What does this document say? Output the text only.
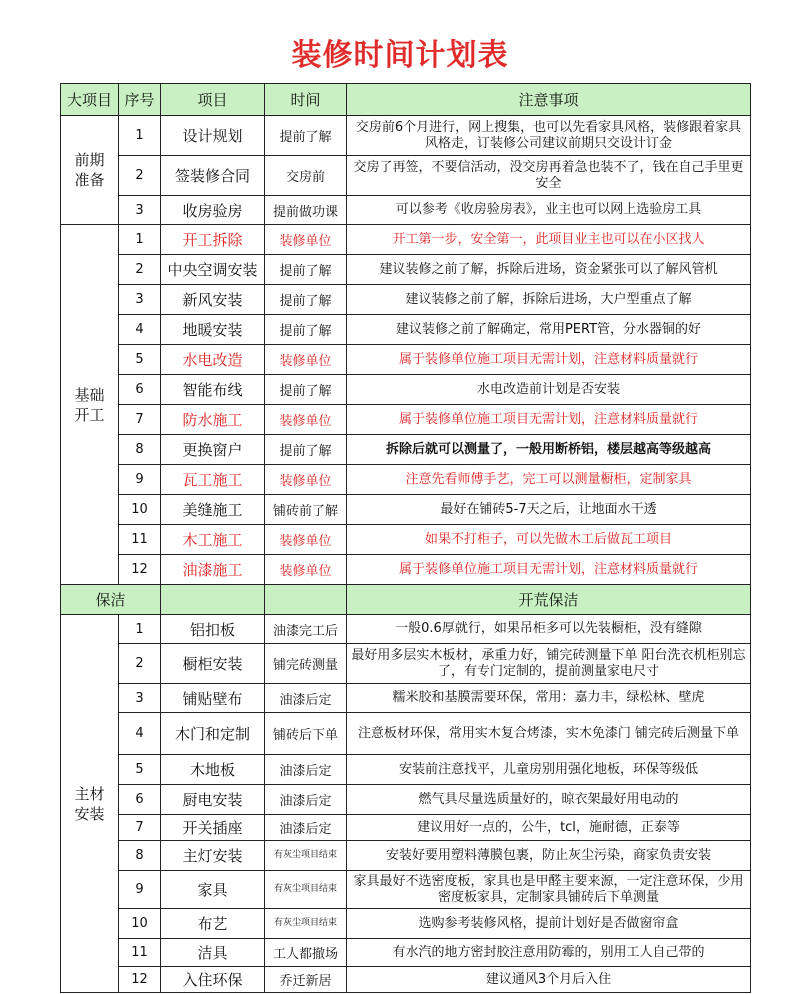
装修时间计划表
大项目	序号	项目	时间	注意事项
前期准备	1	设计规划	提前了解	交房前6个月进行，网上搜集，也可以先看家具风格，装修跟着家具风格走，订装修公司建议前期只交设计订金
	2	签装修合同	交房前	交房了再签，不要信活动，没交房再着急也装不了，钱在自己手里更安全
	3	收房验房	提前做功课	可以参考《收房验房表》，业主也可以网上选验房工具
基础开工	1	开工拆除	装修单位	开工第一步，安全第一，此项目业主也可以在小区找人
	2	中央空调安装	提前了解	建议装修之前了解，拆除后进场，资金紧张可以了解风管机
	3	新风安装	提前了解	建议装修之前了解，拆除后进场，大户型重点了解
	4	地暖安装	提前了解	建议装修之前了解确定，常用PERT管，分水器铜的好
	5	水电改造	装修单位	属于装修单位施工项目无需计划，注意材料质量就行
	6	智能布线	提前了解	水电改造前计划是否安装
	7	防水施工	装修单位	属于装修单位施工项目无需计划，注意材料质量就行
	8	更换窗户	提前了解	拆除后就可以测量了，一般用断桥铝，楼层越高等级越高
	9	瓦工施工	装修单位	注意先看师傅手艺，完工可以测量橱柜，定制家具
	10	美缝施工	铺砖前了解	最好在铺砖5-7天之后，让地面水干透
	11	木工施工	装修单位	如果不打柜子，可以先做木工后做瓦工项目
	12	油漆施工	装修单位	属于装修单位施工项目无需计划，注意材料质量就行
保洁				开荒保洁
主材安装	1	铝扣板	油漆完工后	一般0.6厚就行，如果吊柜多可以先装橱柜，没有缝隙
	2	橱柜安装	铺完砖测量	最好用多层实木板材，承重力好，铺完砖测量下单 阳台洗衣机柜别忘了，有专门定制的，提前测量家电尺寸
	3	铺贴壁布	油漆后定	糯米胶和基膜需要环保，常用：嘉力丰，绿松林、壁虎
	4	木门和定制	铺砖后下单	注意板材环保，常用实木复合烤漆，实木免漆门 铺完砖后测量下单
	5	木地板	油漆后定	安装前注意找平，儿童房别用强化地板，环保等级低
	6	厨电安装	油漆后定	燃气具尽量选质量好的，晾衣架最好用电动的
	7	开关插座	油漆后定	建议用好一点的，公牛，tcl，施耐德，正泰等
	8	主灯安装	有灰尘项目结束	安装好要用塑料薄膜包裹，防止灰尘污染，商家负责安装
	9	家具	有灰尘项目结束	家具最好不选密度板，家具也是甲醛主要来源，一定注意环保，少用密度板家具，定制家具铺砖后下单测量
	10	布艺	有灰尘项目结束	选购参考装修风格，提前计划好是否做窗帘盒
	11	洁具	工人都撤场	有水汽的地方密封胶注意用防霉的，别用工人自己带的
	12	入住环保	乔迁新居	建议通风3个月后入住
